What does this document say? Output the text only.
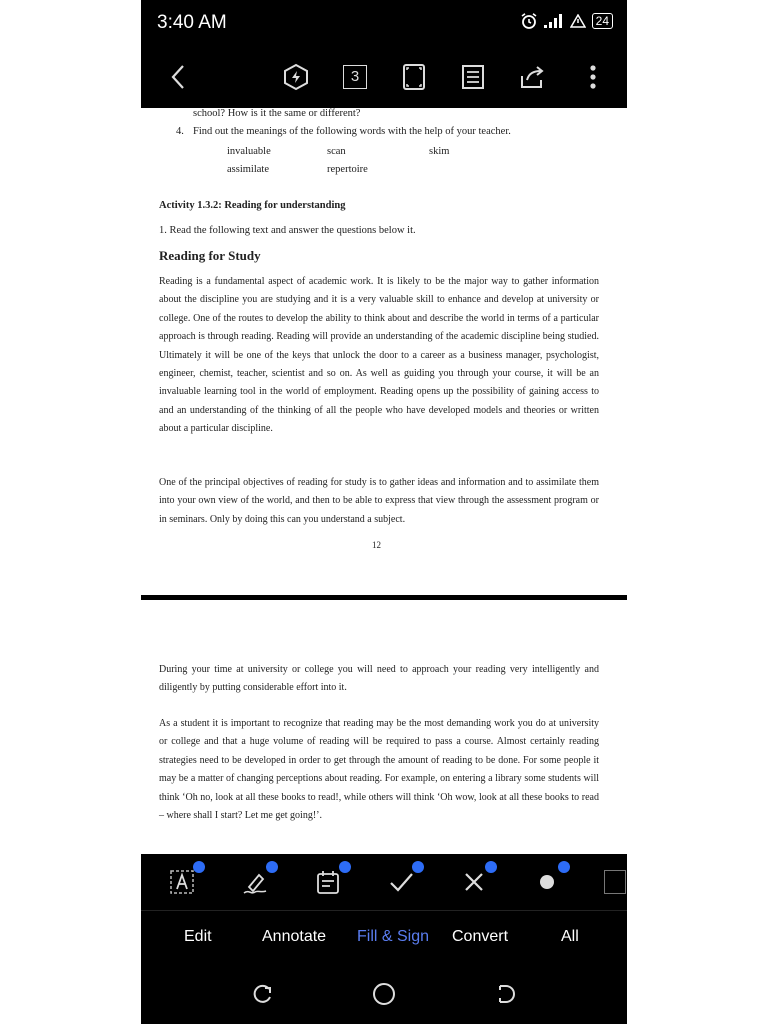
3:40 AM	24
3
school? How is it the same or different?
4. Find out the meanings of the following words with the help of your teacher.
invaluable	scan	skim
assimilate	repertoire
Activity 1.3.2: Reading for understanding
1. Read the following text and answer the questions below it.
Reading for Study
Reading is a fundamental aspect of academic work. It is likely to be the major way to gather information about the discipline you are studying and it is a very valuable skill to enhance and develop at university or college. One of the routes to develop the ability to think about and describe the world in terms of a particular approach is through reading. Reading will provide an understanding of the academic discipline being studied. Ultimately it will be one of the keys that unlock the door to a career as a business manager, psychologist, engineer, chemist, teacher, scientist and so on. As well as guiding you through your course, it will be an invaluable learning tool in the world of employment. Reading opens up the possibility of gaining access to and an understanding of the thinking of all the people who have developed models and theories or written about a particular discipline.
One of the principal objectives of reading for study is to gather ideas and information and to assimilate them into your own view of the world, and then to be able to express that view through the assessment program or in seminars. Only by doing this can you understand a subject.
12
During your time at university or college you will need to approach your reading very intelligently and diligently by putting considerable effort into it.
As a student it is important to recognize that reading may be the most demanding work you do at university or college and that a huge volume of reading will be required to pass a course. Almost certainly reading strategies need to be developed in order to get through the amount of reading to be done. For some people it may be a matter of changing perceptions about reading. For example, on entering a library some students will think ‘Oh no, look at all these books to read!, while others will think ‘Oh wow, look at all these books to read – where shall I start? Let me get going!’.
Edit	Annotate Fill & Sign Convert	All
